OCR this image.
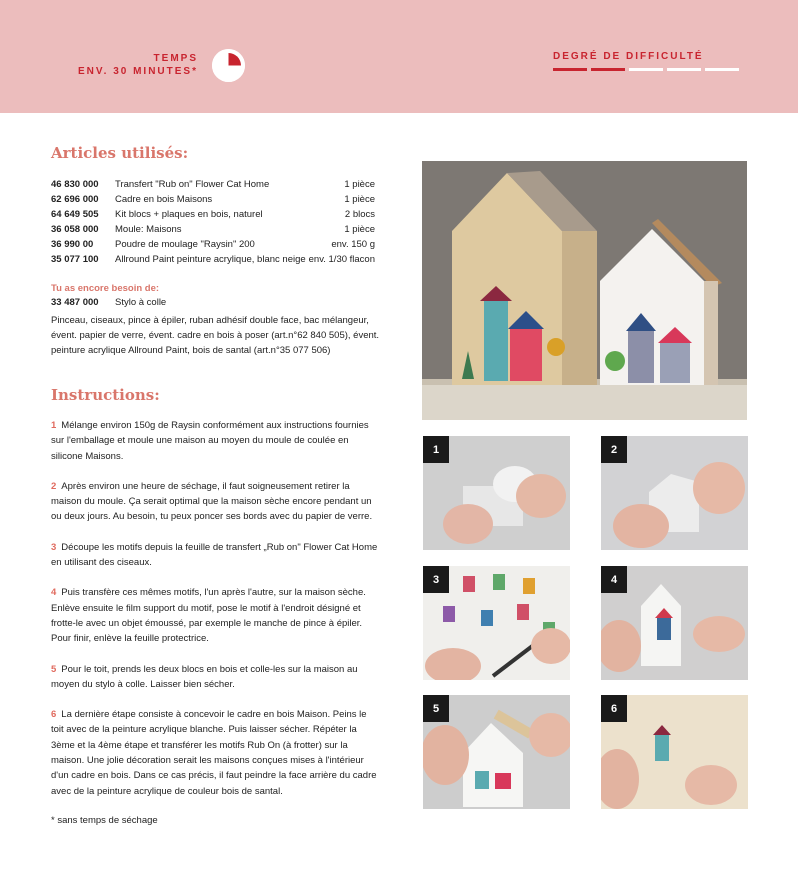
TEMPS
ENV. 30 MINUTES*
DEGRÉ DE DIFFICULTÉ
Articles utilisés:
46 830 000	Transfert "Rub on" Flower Cat Home	1 pièce
62 696 000	Cadre en bois Maisons	1 pièce
64 649 505	Kit blocs + plaques en bois, naturel	2 blocs
36 058 000	Moule: Maisons	1 pièce
36 990 00	Poudre de moulage "Raysin" 200	env. 150 g
35 077 100	Allround Paint peinture acrylique, blanc neige env. 1/30 flacon
Tu as encore besoin de:
33 487 000	Stylo à colle
Pinceau, ciseaux, pince à épiler, ruban adhésif double face, bac mélangeur, évent. papier de verre, évent. cadre en bois à poser (art.n°62 840 505), évent. peinture acrylique Allround Paint, bois de santal (art.n°35 077 506)
Instructions:
1 Mélange environ 150g de Raysin conformément aux instructions fournies sur l'emballage et moule une maison au moyen du moule de coulée en silicone Maisons.
2 Après environ une heure de séchage, il faut soigneusement retirer la maison du moule. Ça serait optimal que la maison sèche encore pendant un ou deux jours. Au besoin, tu peux poncer ses bords avec du papier de verre.
3 Découpe les motifs depuis la feuille de transfert „Rub on" Flower Cat Home en utilisant des ciseaux.
4 Puis transfère ces mêmes motifs, l'un après l'autre, sur la maison sèche. Enlève ensuite le film support du motif, pose le motif à l'endroit désigné et frotte-le avec un objet émoussé, par exemple le manche de pince à épiler. Pour finir, enlève la feuille protectrice.
5 Pour le toit, prends les deux blocs en bois et colle-les sur la maison au moyen du stylo à colle. Laisser bien sécher.
6 La dernière étape consiste à concevoir le cadre en bois Maison. Peins le toit avec de la peinture acrylique blanche. Puis laisser sécher. Répéter la 3ème et la 4ème étape et transférer les motifs Rub On (à frotter) sur la maison. Une jolie décoration serait les maisons conçues mises à l'intérieur d'un cadre en bois. Dans ce cas précis, il faut peindre la face arrière du cadre avec de la peinture acrylique de couleur bois de santal.
* sans temps de séchage
1	2
3	4
5	6
